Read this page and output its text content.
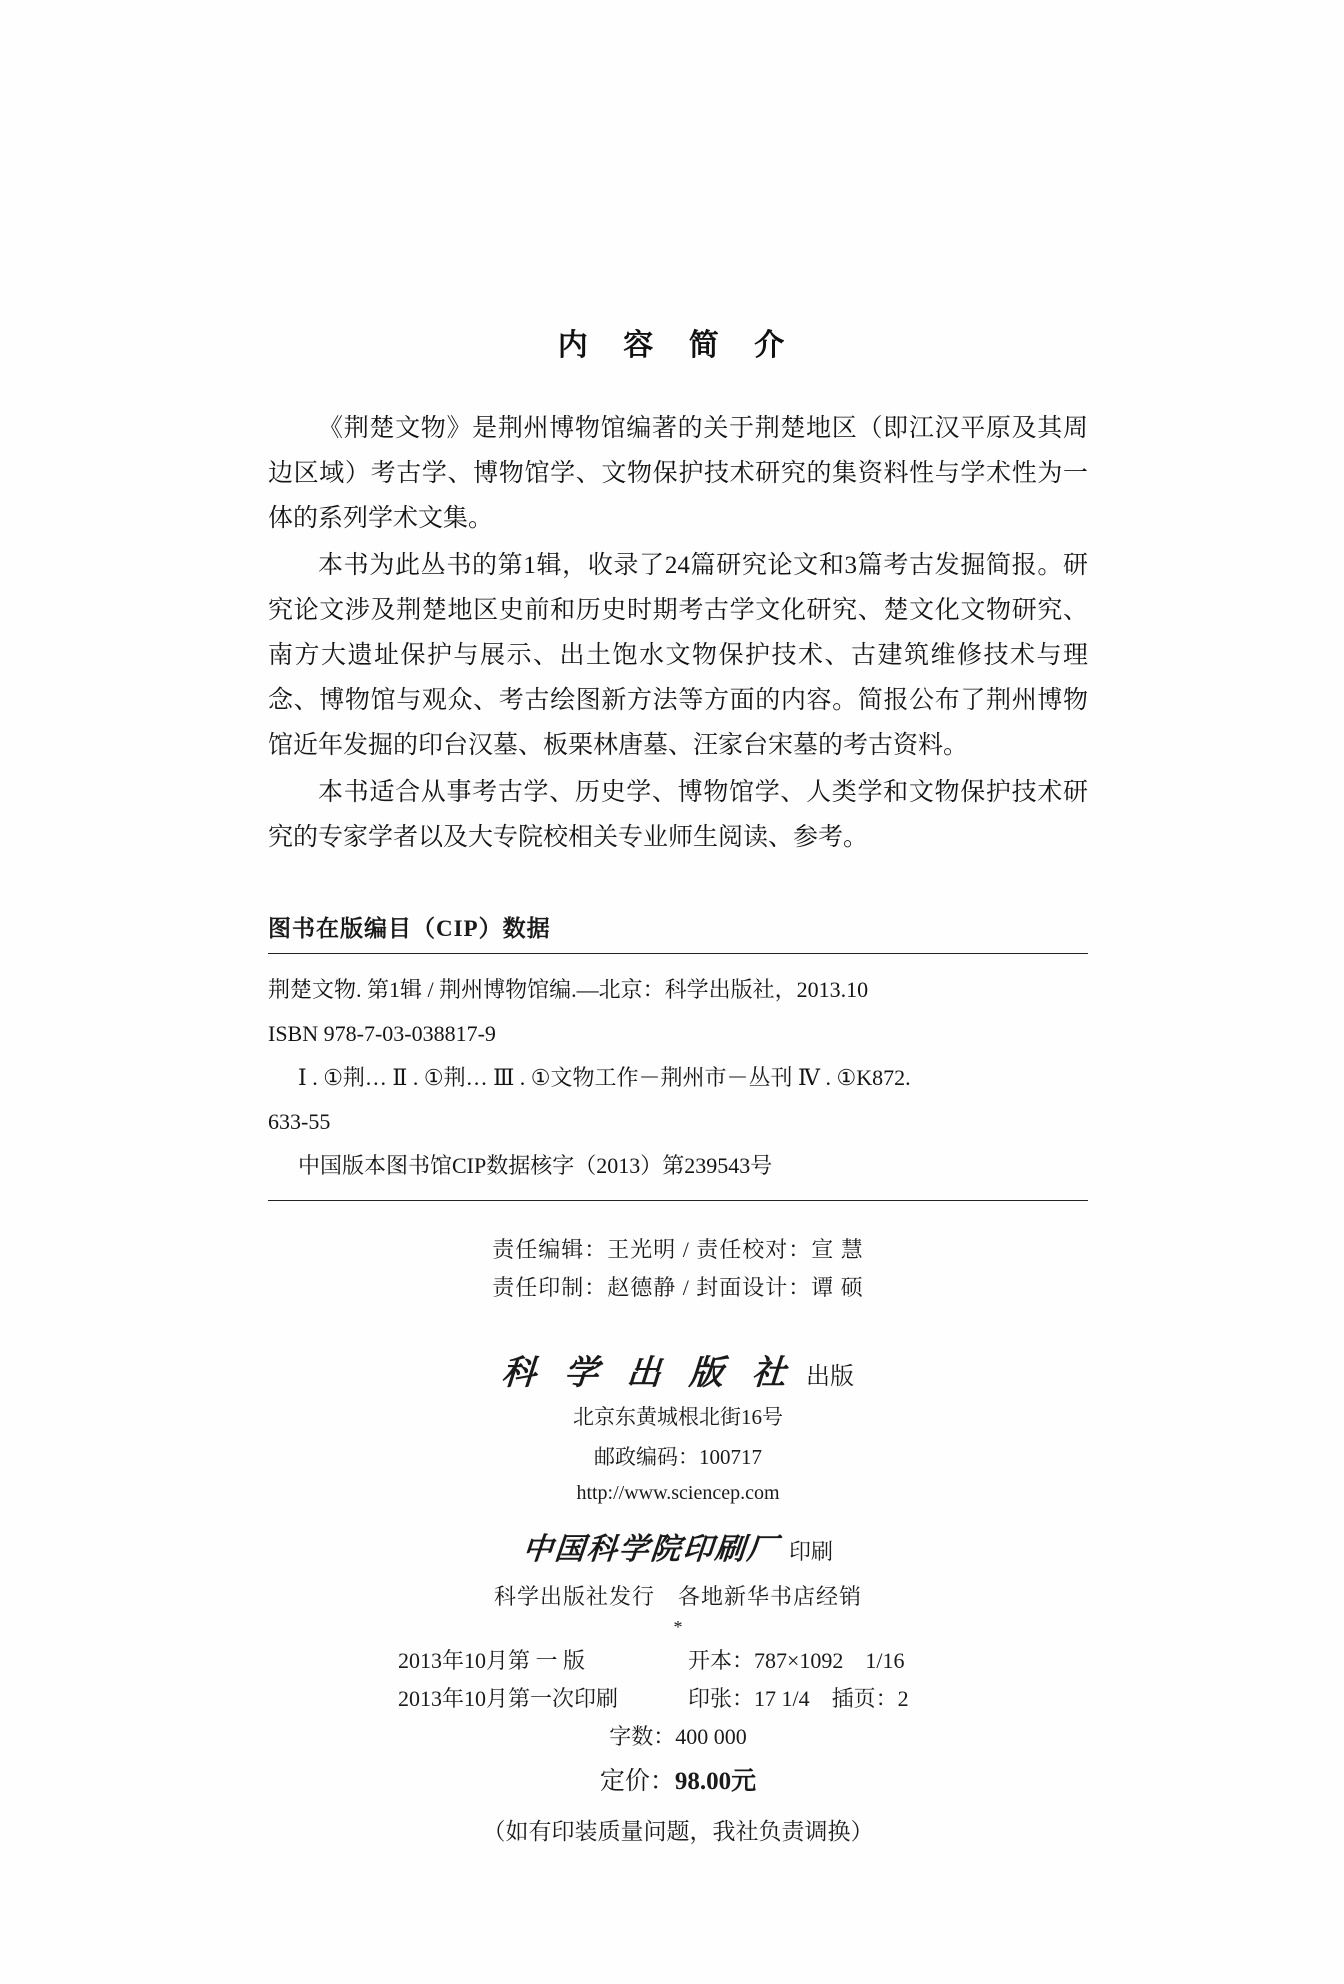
内 容 简 介

《荆楚文物》是荆州博物馆编著的关于荆楚地区（即江汉平原及其周边区域）考古学、博物馆学、文物保护技术研究的集资料性与学术性为一体的系列学术文集。

本书为此丛书的第1辑，收录了24篇研究论文和3篇考古发掘简报。研究论文涉及荆楚地区史前和历史时期考古学文化研究、楚文化文物研究、南方大遗址保护与展示、出土饱水文物保护技术、古建筑维修技术与理念、博物馆与观众、考古绘图新方法等方面的内容。简报公布了荆州博物馆近年发掘的印台汉墓、板栗林唐墓、汪家台宋墓的考古资料。

本书适合从事考古学、历史学、博物馆学、人类学和文物保护技术研究的专家学者以及大专院校相关专业师生阅读、参考。

图书在版编目（CIP）数据

荆楚文物. 第1辑 / 荆州博物馆编.—北京：科学出版社，2013.10

ISBN 978-7-03-038817-9

Ⅰ . ①荆… Ⅱ . ①荆… Ⅲ . ①文物工作－荆州市－丛刊 Ⅳ . ①K872.

633-55

中国版本图书馆CIP数据核字（2013）第239543号

责任编辑：王光明 / 责任校对：宣 慧

责任印制：赵德静 / 封面设计：谭 硕

科 学 出 版 社 出版

北京东黄城根北街16号

邮政编码：100717

http://www.sciencep.com

中国科学院印刷厂 印刷
科学出版社发行　各地新华书店经销
*
2013年10月第 一 版	开本：787×1092　1/16
2013年10月第一次印刷	印张：17 1/4　插页：2
字数：400 000
定价：98.00元
（如有印装质量问题，我社负责调换）
